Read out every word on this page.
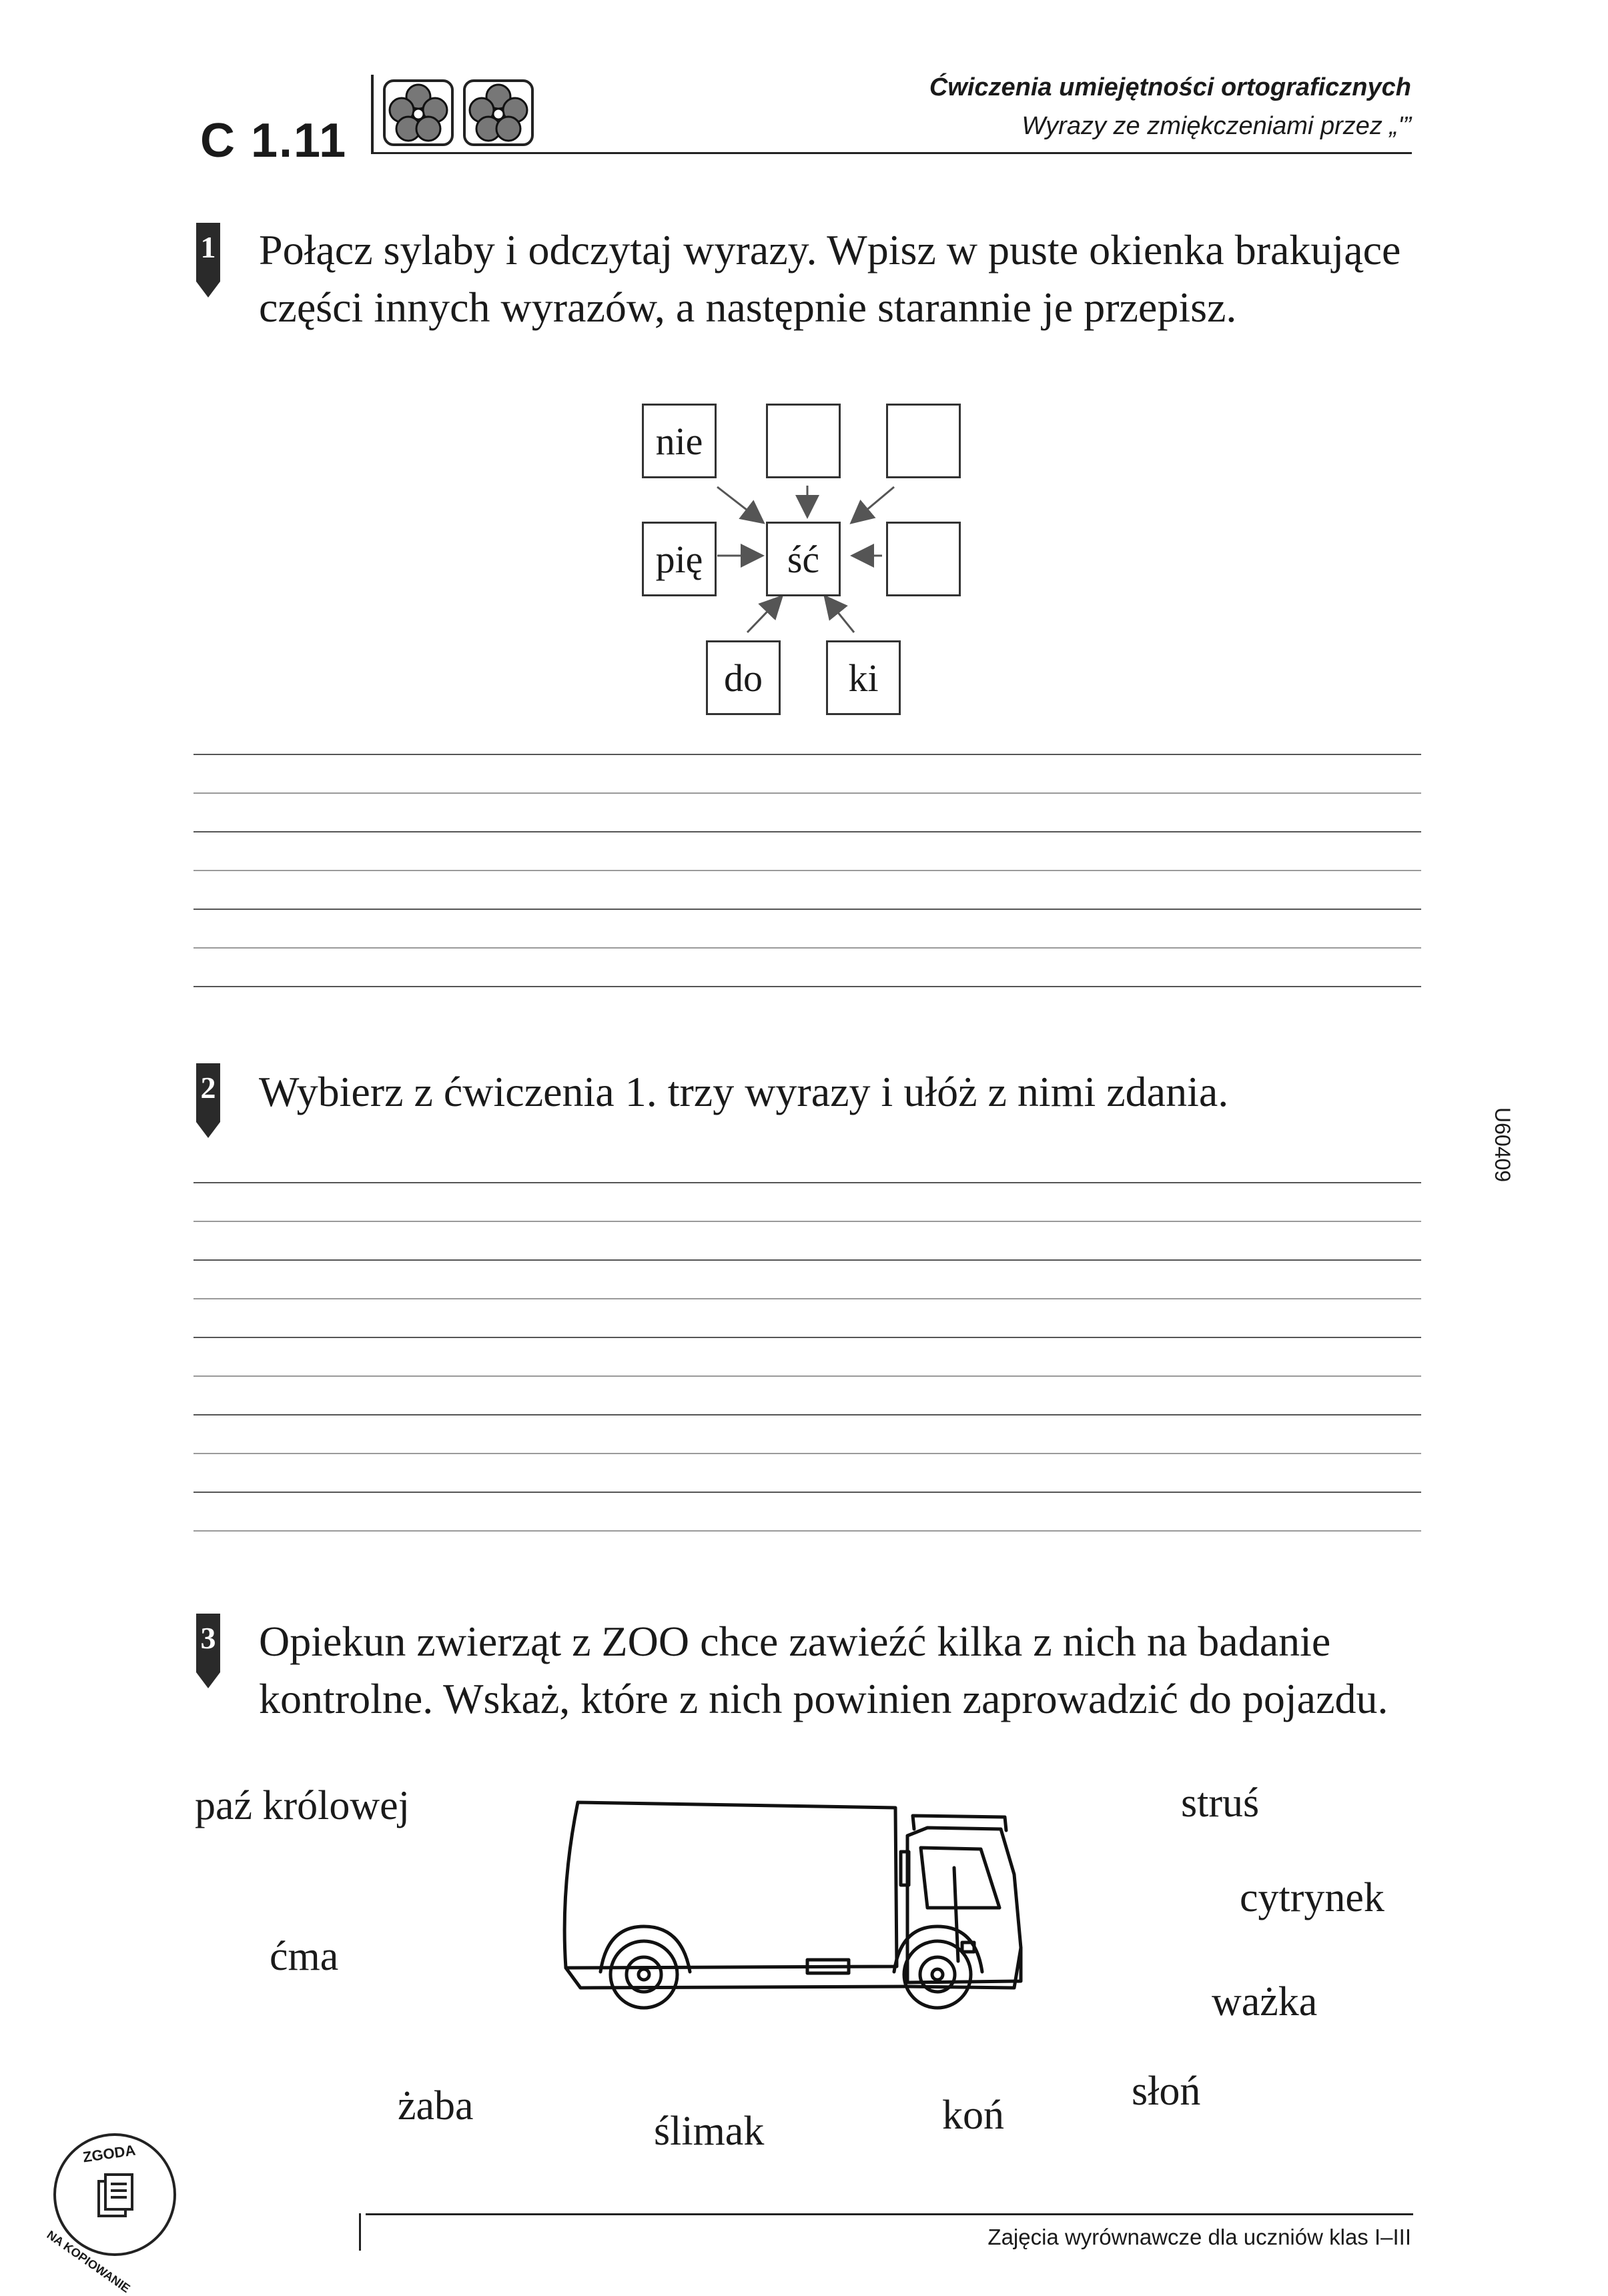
C 1.11
Ćwiczenia umiejętności ortograficznych
Wyrazy ze zmiękczeniami przez „ʹ”
1 Połącz sylaby i odczytaj wyrazy. Wpisz w puste okienka brakujące
części innych wyrazów, a następnie starannie je przepisz.
nie
pię	ść
do	ki
2 Wybierz z ćwiczenia 1. trzy wyrazy i ułóż z nimi zdania.
3 Opiekun zwierząt z ZOO chce zawieźć kilka z nich na badanie
kontrolne. Wskaż, które z nich powinien zaprowadzić do pojazdu.
paź królowej	struś
cytrynek
ćma
ważka
żaba
ślimak	koń
słoń
U60409
ZGODA
NA KOPIOWANIE	Zajęcia wyrównawcze dla uczniów klas I–III
